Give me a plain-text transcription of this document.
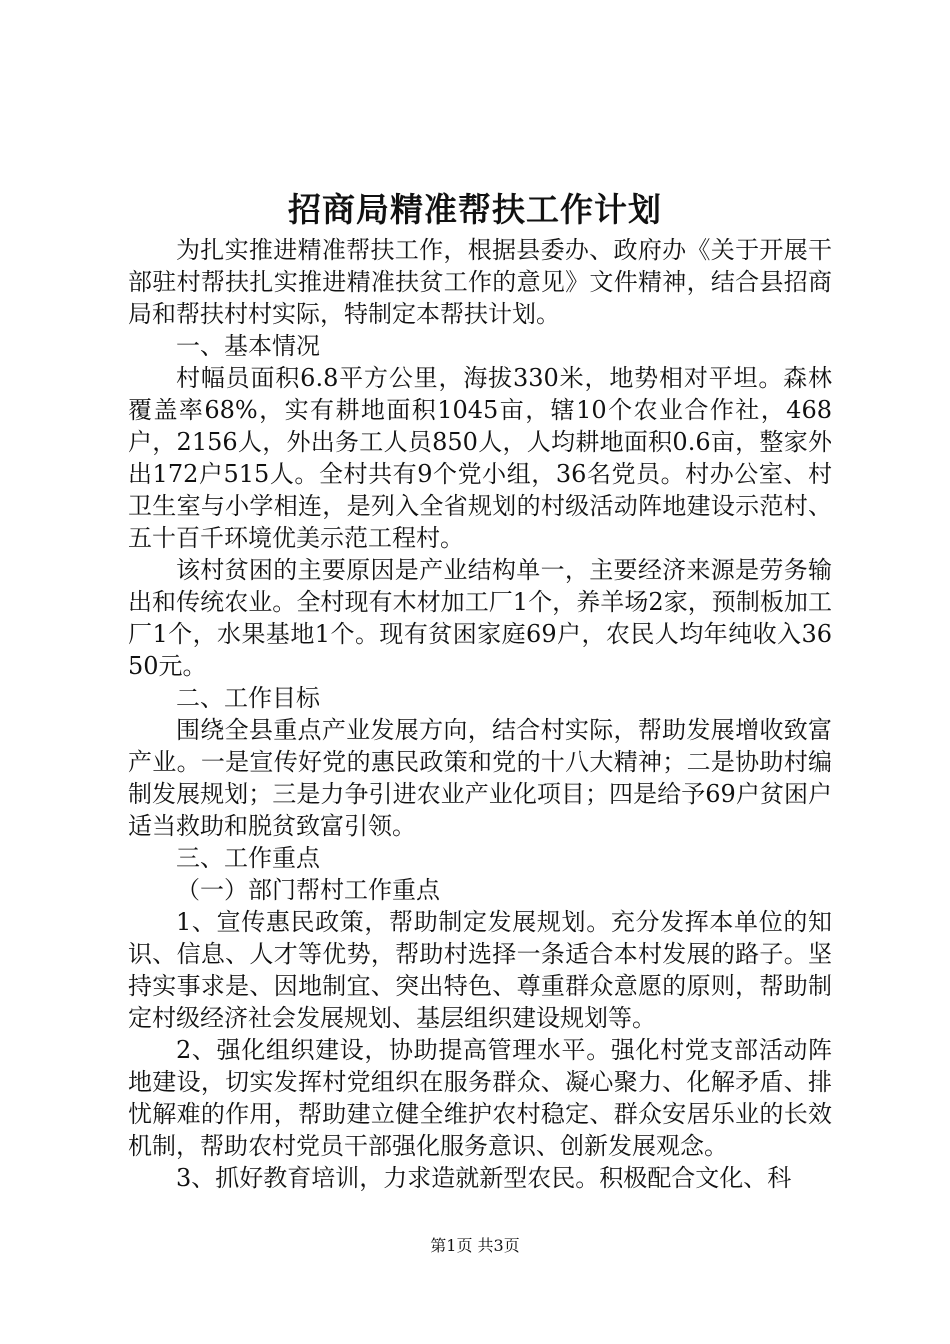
招商局精准帮扶工作计划

为扎实推进精准帮扶工作，根据县委办、政府办《关于开展干部驻村帮扶扎实推进精准扶贫工作的意见》文件精神，结合县招商局和帮扶村村实际，特制定本帮扶计划。

一、基本情况

村幅员面积6.8平方公里，海拔330米，地势相对平坦。森林覆盖率68%，实有耕地面积1045亩，辖10个农业合作社，468户，2156人，外出务工人员850人，人均耕地面积0.6亩，整家外出172户515人。全村共有9个党小组，36名党员。村办公室、村卫生室与小学相连，是列入全省规划的村级活动阵地建设示范村、五十百千环境优美示范工程村。

该村贫困的主要原因是产业结构单一，主要经济来源是劳务输出和传统农业。全村现有木材加工厂1个，养羊场2家，预制板加工厂1个，水果基地1个。现有贫困家庭69户，农民人均年纯收入3650元。

二、工作目标

围绕全县重点产业发展方向，结合村实际，帮助发展增收致富产业。一是宣传好党的惠民政策和党的十八大精神；二是协助村编制发展规划；三是力争引进农业产业化项目；四是给予69户贫困户适当救助和脱贫致富引领。

三、工作重点

（一）部门帮村工作重点

1、宣传惠民政策，帮助制定发展规划。充分发挥本单位的知识、信息、人才等优势，帮助村选择一条适合本村发展的路子。坚持实事求是、因地制宜、突出特色、尊重群众意愿的原则，帮助制定村级经济社会发展规划、基层组织建设规划等。

2、强化组织建设，协助提高管理水平。强化村党支部活动阵地建设，切实发挥村党组织在服务群众、凝心聚力、化解矛盾、排忧解难的作用，帮助建立健全维护农村稳定、群众安居乐业的长效机制，帮助农村党员干部强化服务意识、创新发展观念。

3、抓好教育培训，力求造就新型农民。积极配合文化、科

第1页 共3页
